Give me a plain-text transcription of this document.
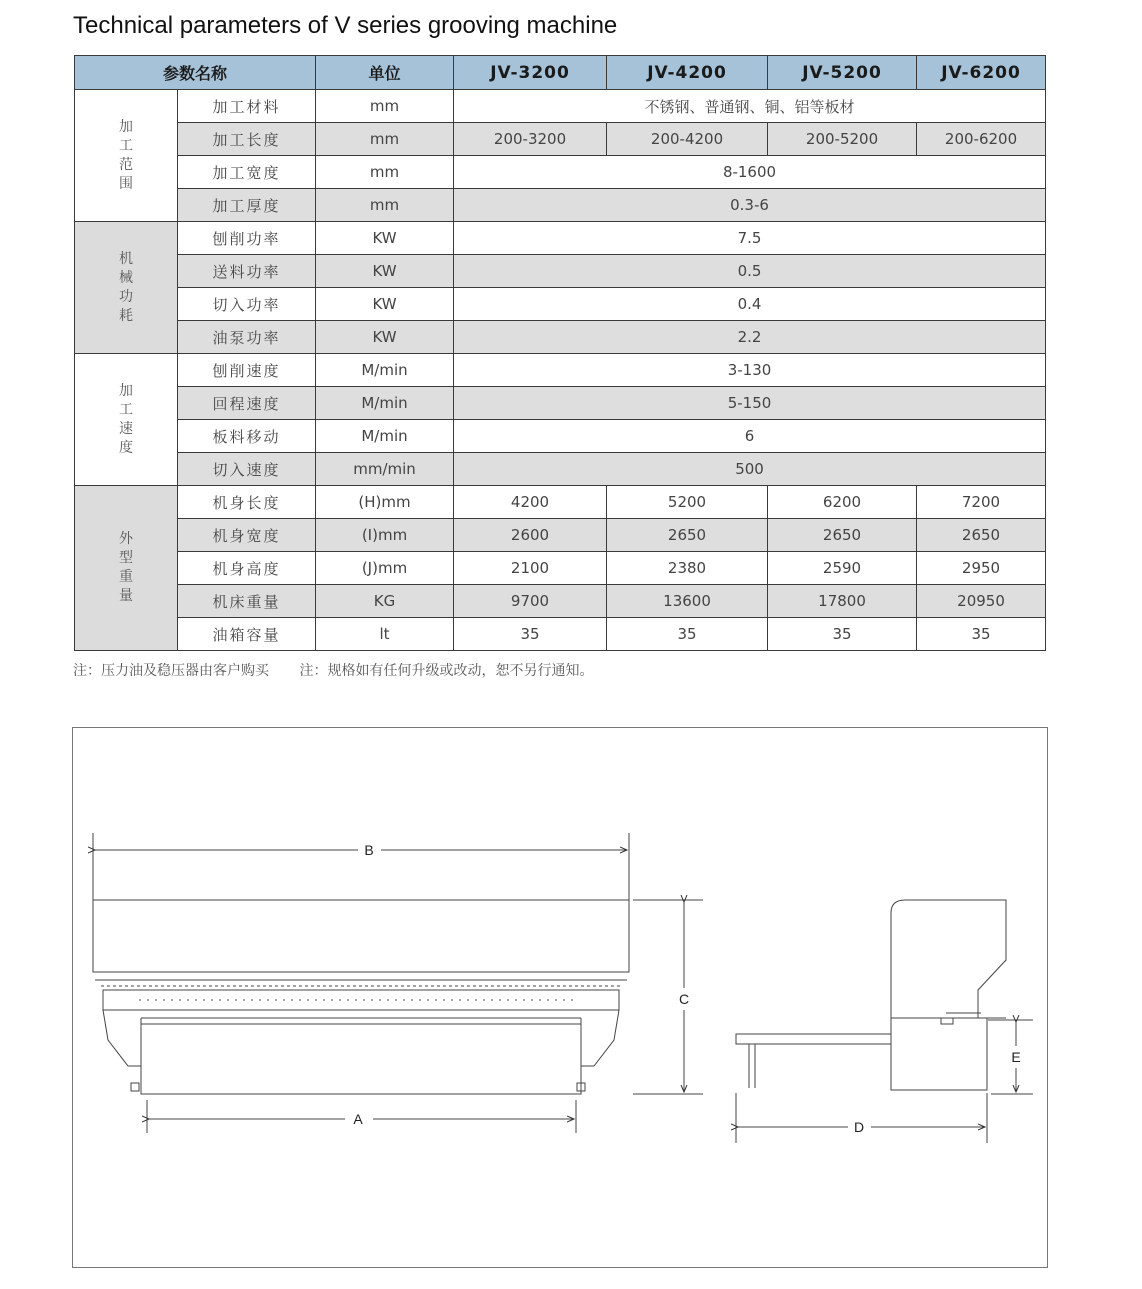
Technical parameters of V series grooving machine
参数名称		单位	JV-3200	JV-4200	JV-5200	JV-6200
加工范围	加工材料	mm	不锈钢、普通钢、铜、铝等板材			
	加工长度	mm	200-3200	200-4200	200-5200	200-6200
	加工宽度	mm	8-1600			
	加工厚度	mm	0.3-6			
机械功耗	刨削功率	KW	7.5			
	送料功率	KW	0.5			
	切入功率	KW	0.4			
	油泵功率	KW	2.2			
加工速度	刨削速度	M/min	3-130			
	回程速度	M/min	5-150			
	板料移动	M/min	6			
	切入速度	mm/min	500			
外型重量	机身长度	(H)mm	4200	5200	6200	7200
	机身宽度	(I)mm	2600	2650	2650	2650
	机身高度	(J)mm	2100	2380	2590	2950
	机床重量	KG	9700	13600	17800	20950
	油箱容量	lt	35	35	35	35
注：压力油及稳压器由客户购买 注：规格如有任何升级或改动，恕不另行通知。
B
A
C
D
E
